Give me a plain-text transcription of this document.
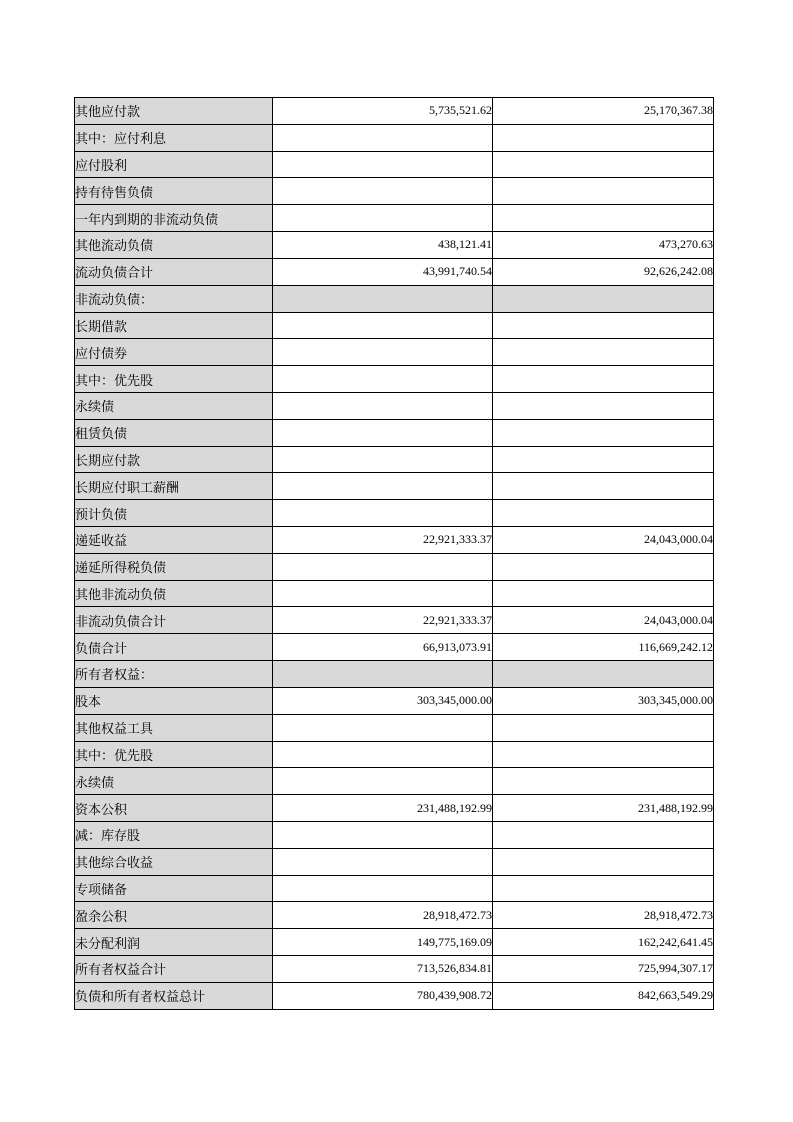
其他应付款	5,735,521.62	25,170,367.38
其中：应付利息		
应付股利		
持有待售负债		
一年内到期的非流动负债		
其他流动负债	438,121.41	473,270.63
流动负债合计	43,991,740.54	92,626,242.08
非流动负债：		
长期借款		
应付债券		
其中：优先股		
永续债		
租赁负债		
长期应付款		
长期应付职工薪酬		
预计负债		
递延收益	22,921,333.37	24,043,000.04
递延所得税负债		
其他非流动负债		
非流动负债合计	22,921,333.37	24,043,000.04
负债合计	66,913,073.91	116,669,242.12
所有者权益：		
股本	303,345,000.00	303,345,000.00
其他权益工具		
其中：优先股		
永续债		
资本公积	231,488,192.99	231,488,192.99
减：库存股		
其他综合收益		
专项储备		
盈余公积	28,918,472.73	28,918,472.73
未分配利润	149,775,169.09	162,242,641.45
所有者权益合计	713,526,834.81	725,994,307.17
负债和所有者权益总计	780,439,908.72	842,663,549.29
